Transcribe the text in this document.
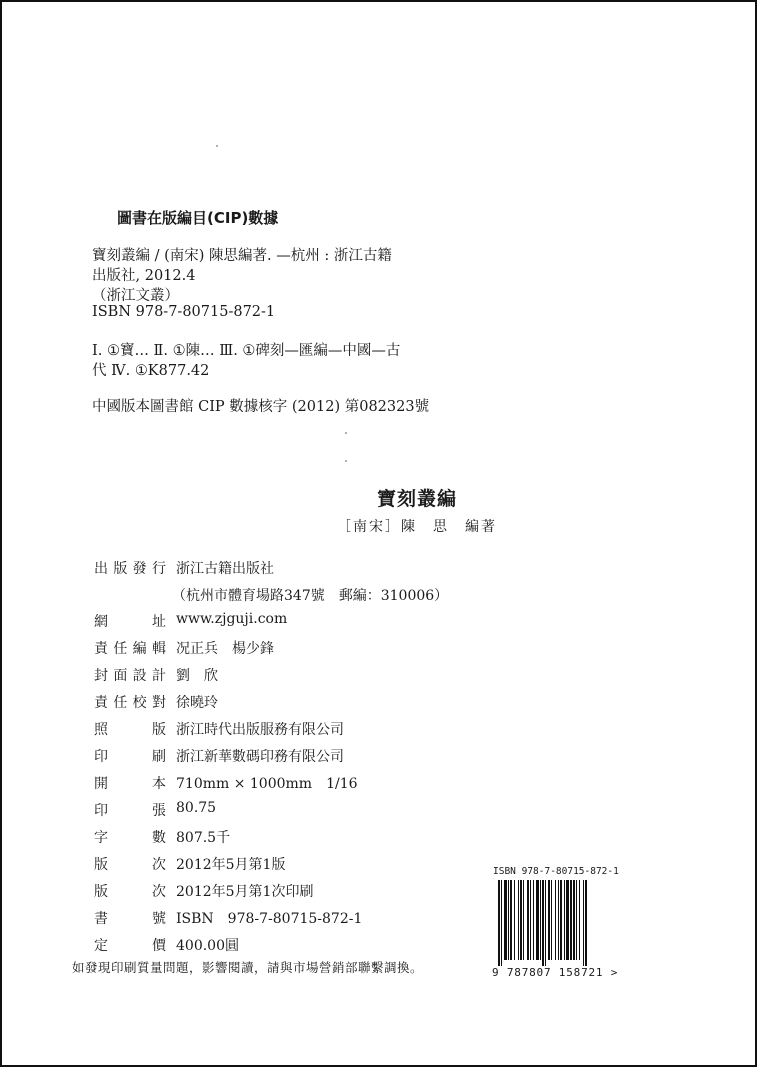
圖書在版編目(CIP)數據
寶刻叢編 / (南宋) 陳思編著. —杭州 : 浙江古籍
出版社, 2012.4
（浙江文叢）
ISBN 978-7-80715-872-1
Ⅰ. ①寶… Ⅱ. ①陳… Ⅲ. ①碑刻—匯編—中國—古
代 Ⅳ. ①K877.42
中國版本圖書館 CIP 數據核字 (2012) 第082323號
寶刻叢編
［南宋］陳　思　編著
出 版 發 行 浙江古籍出版社
（杭州市體育場路347號　郵編：310006）
網	址 www.zjguji.com
責 任 編 輯 况正兵　楊少鋒
封 面 設 計 劉　欣
責 任 校 對 徐曉玲
照	版 浙江時代出版服務有限公司
印	刷 浙江新華數碼印務有限公司
開	本 710mm × 1000mm　1/16
印	張 80.75
字	數 807.5千
版	次 2012年5月第1版
版	次 2012年5月第1次印刷
書	號 ISBN　978-7-80715-872-1
定	價 400.00圓
如發現印刷質量問題，影響閱讀，請與市場營銷部聯繫調換。
ISBN 978-7-80715-872-1
9 787807 158721 >
